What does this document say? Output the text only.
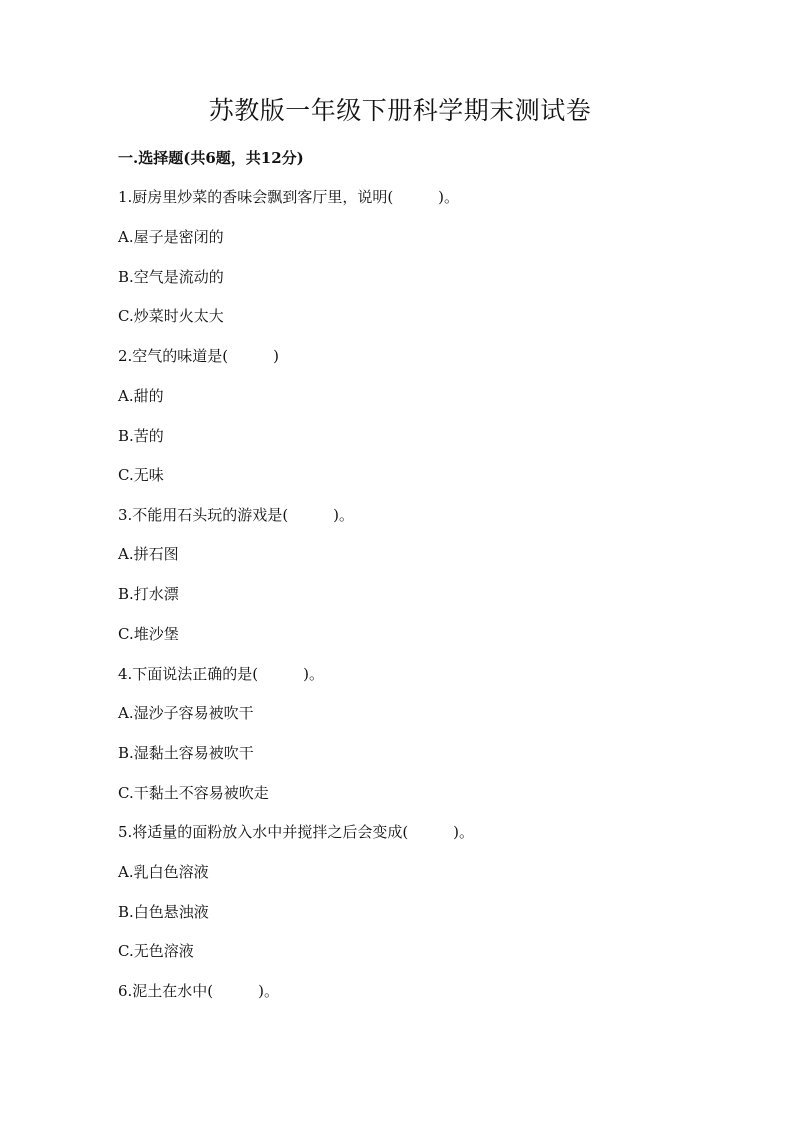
苏教版一年级下册科学期末测试卷
一.选择题(共6题，共12分)
1.厨房里炒菜的香味会飘到客厅里，说明(　　　)。
A.屋子是密闭的
B.空气是流动的
C.炒菜时火太大
2.空气的味道是(　　　)
A.甜的
B.苦的
C.无味
3.不能用石头玩的游戏是(　　　)。
A.拼石图
B.打水漂
C.堆沙堡
4.下面说法正确的是(　　　)。
A.湿沙子容易被吹干
B.湿黏土容易被吹干
C.干黏土不容易被吹走
5.将适量的面粉放入水中并搅拌之后会变成(　　　)。
A.乳白色溶液
B.白色悬浊液
C.无色溶液
6.泥土在水中(　　　)。
